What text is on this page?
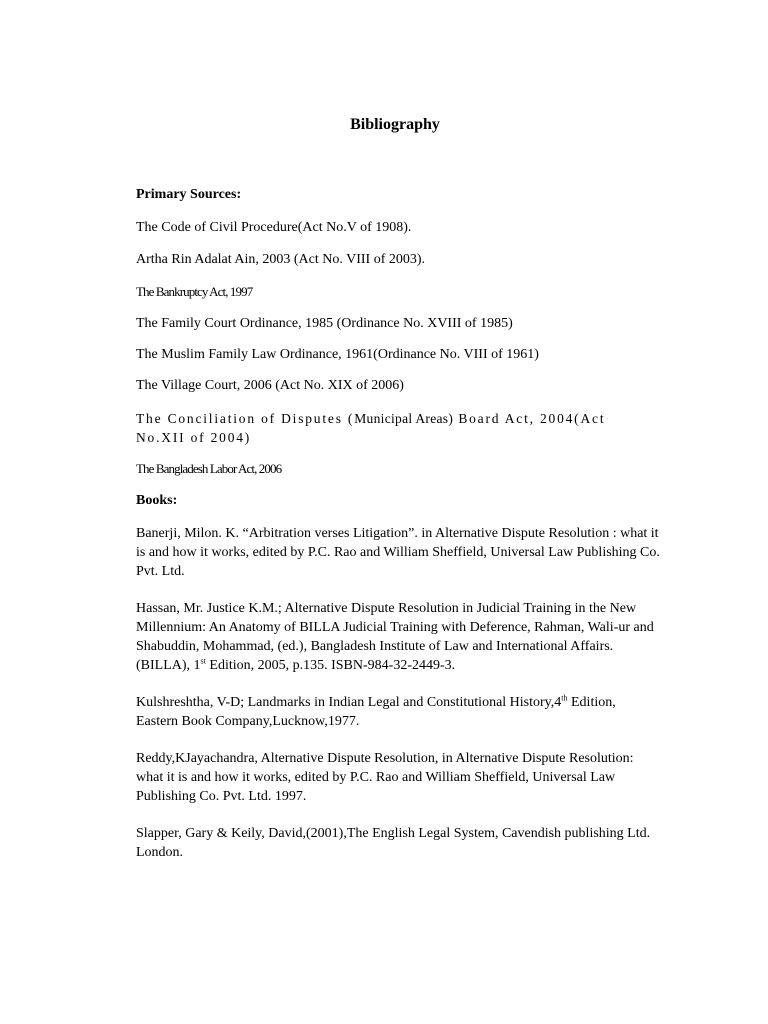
Bibliography
Primary Sources:
The Code of Civil Procedure(Act No.V of 1908).
Artha Rin Adalat Ain, 2003 (Act No. VIII of 2003).
The Bankruptcy Act, 1997
The Family Court Ordinance, 1985 (Ordinance No. XVIII of 1985)
The Muslim Family Law Ordinance, 1961(Ordinance No. VIII of 1961)
The Village Court, 2006 (Act No. XIX of 2006)
The Conciliation of Disputes (Municipal Areas) Board Act, 2004(Act No.XII of 2004)
The Bangladesh Labor Act, 2006
Books:
Banerji, Milon. K. “Arbitration verses Litigation”. in Alternative Dispute Resolution : what it
is and how it works, edited by P.C. Rao and William Sheffield, Universal Law Publishing Co.
Pvt. Ltd.
Hassan, Mr. Justice K.M.; Alternative Dispute Resolution in Judicial Training in the New
Millennium: An Anatomy of BILLA Judicial Training with Deference, Rahman, Wali-ur and
Shabuddin, Mohammad, (ed.), Bangladesh Institute of Law and International Affairs.
(BILLA), 1st Edition, 2005, p.135. ISBN-984-32-2449-3.
Kulshreshtha, V-D; Landmarks in Indian Legal and Constitutional History,4th Edition,
Eastern Book Company,Lucknow,1977.
Reddy,KJayachandra, Alternative Dispute Resolution, in Alternative Dispute Resolution:
what it is and how it works, edited by P.C. Rao and William Sheffield, Universal Law
Publishing Co. Pvt. Ltd. 1997.
Slapper, Gary & Keily, David,(2001),The English Legal System, Cavendish publishing Ltd.
London.
